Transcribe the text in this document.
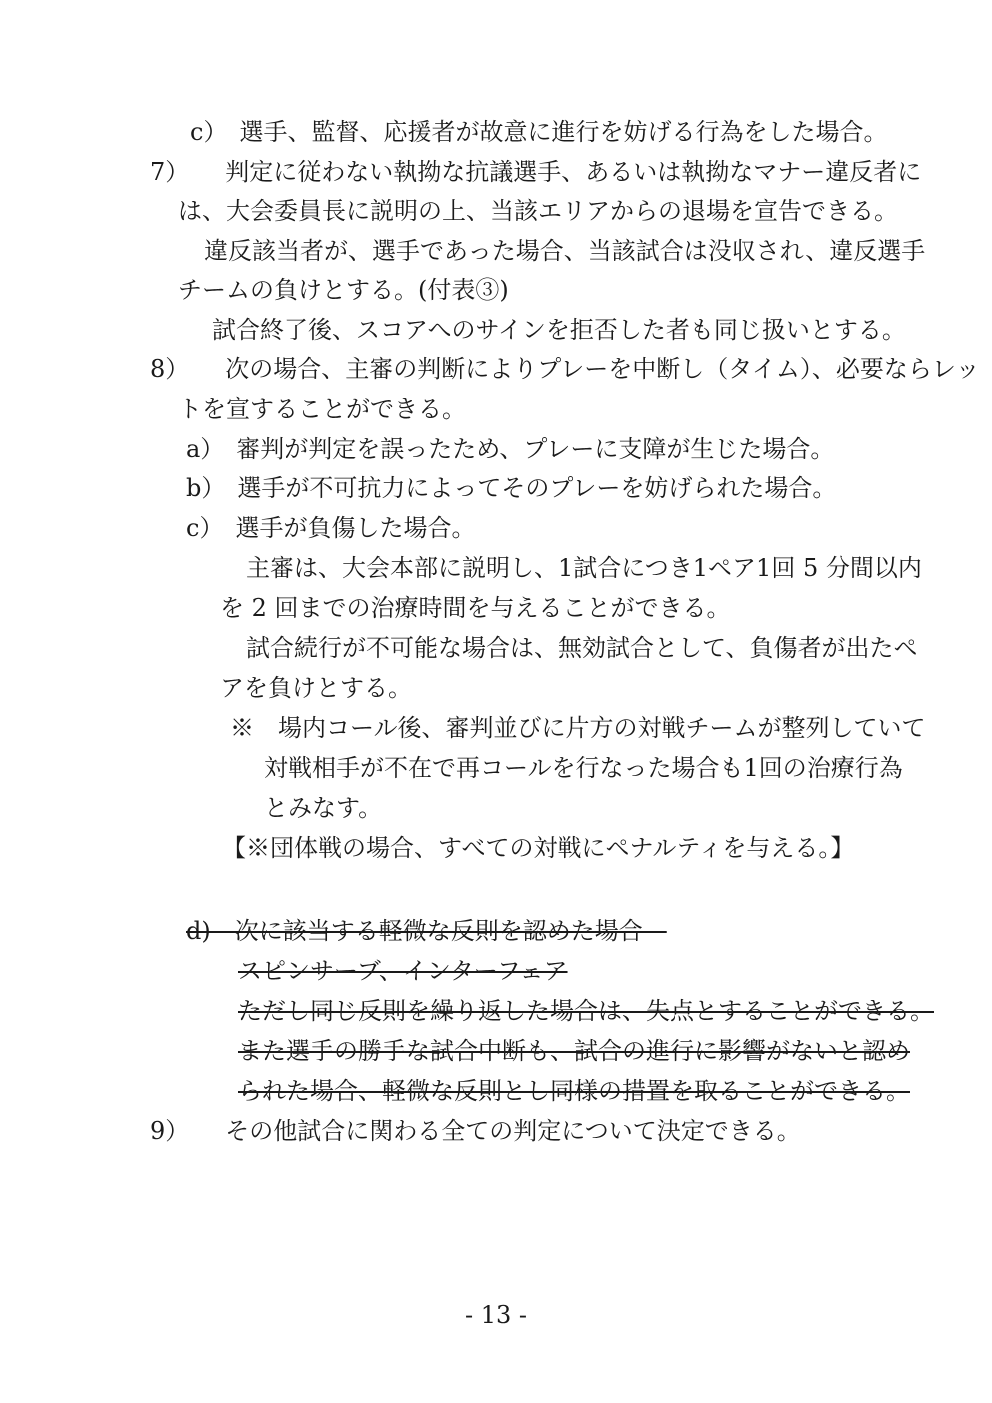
c）　選手、監督、応援者が故意に進行を妨げる行為をした場合。
7）　　判定に従わない執拗な抗議選手、あるいは執拗なマナー違反者に
は、大会委員長に説明の上、当該エリアからの退場を宣告できる。
違反該当者が、選手であった場合、当該試合は没収され、違反選手
チームの負けとする。(付表③)
試合終了後、スコアへのサインを拒否した者も同じ扱いとする。
8）　　次の場合、主審の判断によりプレーを中断し（タイム）、必要ならレッ
トを宣することができる。
a）　審判が判定を誤ったため、プレーに支障が生じた場合。
b）　選手が不可抗力によってそのプレーを妨げられた場合。
c）　選手が負傷した場合。
主審は、大会本部に説明し、1試合につき1ペア1回 5 分間以内
を 2 回までの治療時間を与えることができる。
試合続行が不可能な場合は、無効試合として、負傷者が出たペ
アを負けとする。
※　場内コール後、審判並びに片方の対戦チームが整列していて
対戦相手が不在で再コールを行なった場合も1回の治療行為
とみなす。
【※団体戦の場合、すべての対戦にペナルティを与える。】
d)　次に該当する軽微な反則を認めた場合　
スピンサーブ、インターフェア
ただし同じ反則を繰り返した場合は、失点とすることができる。
また選手の勝手な試合中断も、試合の進行に影響がないと認め
られた場合、軽微な反則とし同様の措置を取ることができる。
9）　　その他試合に関わる全ての判定について決定できる。
- 13 -
